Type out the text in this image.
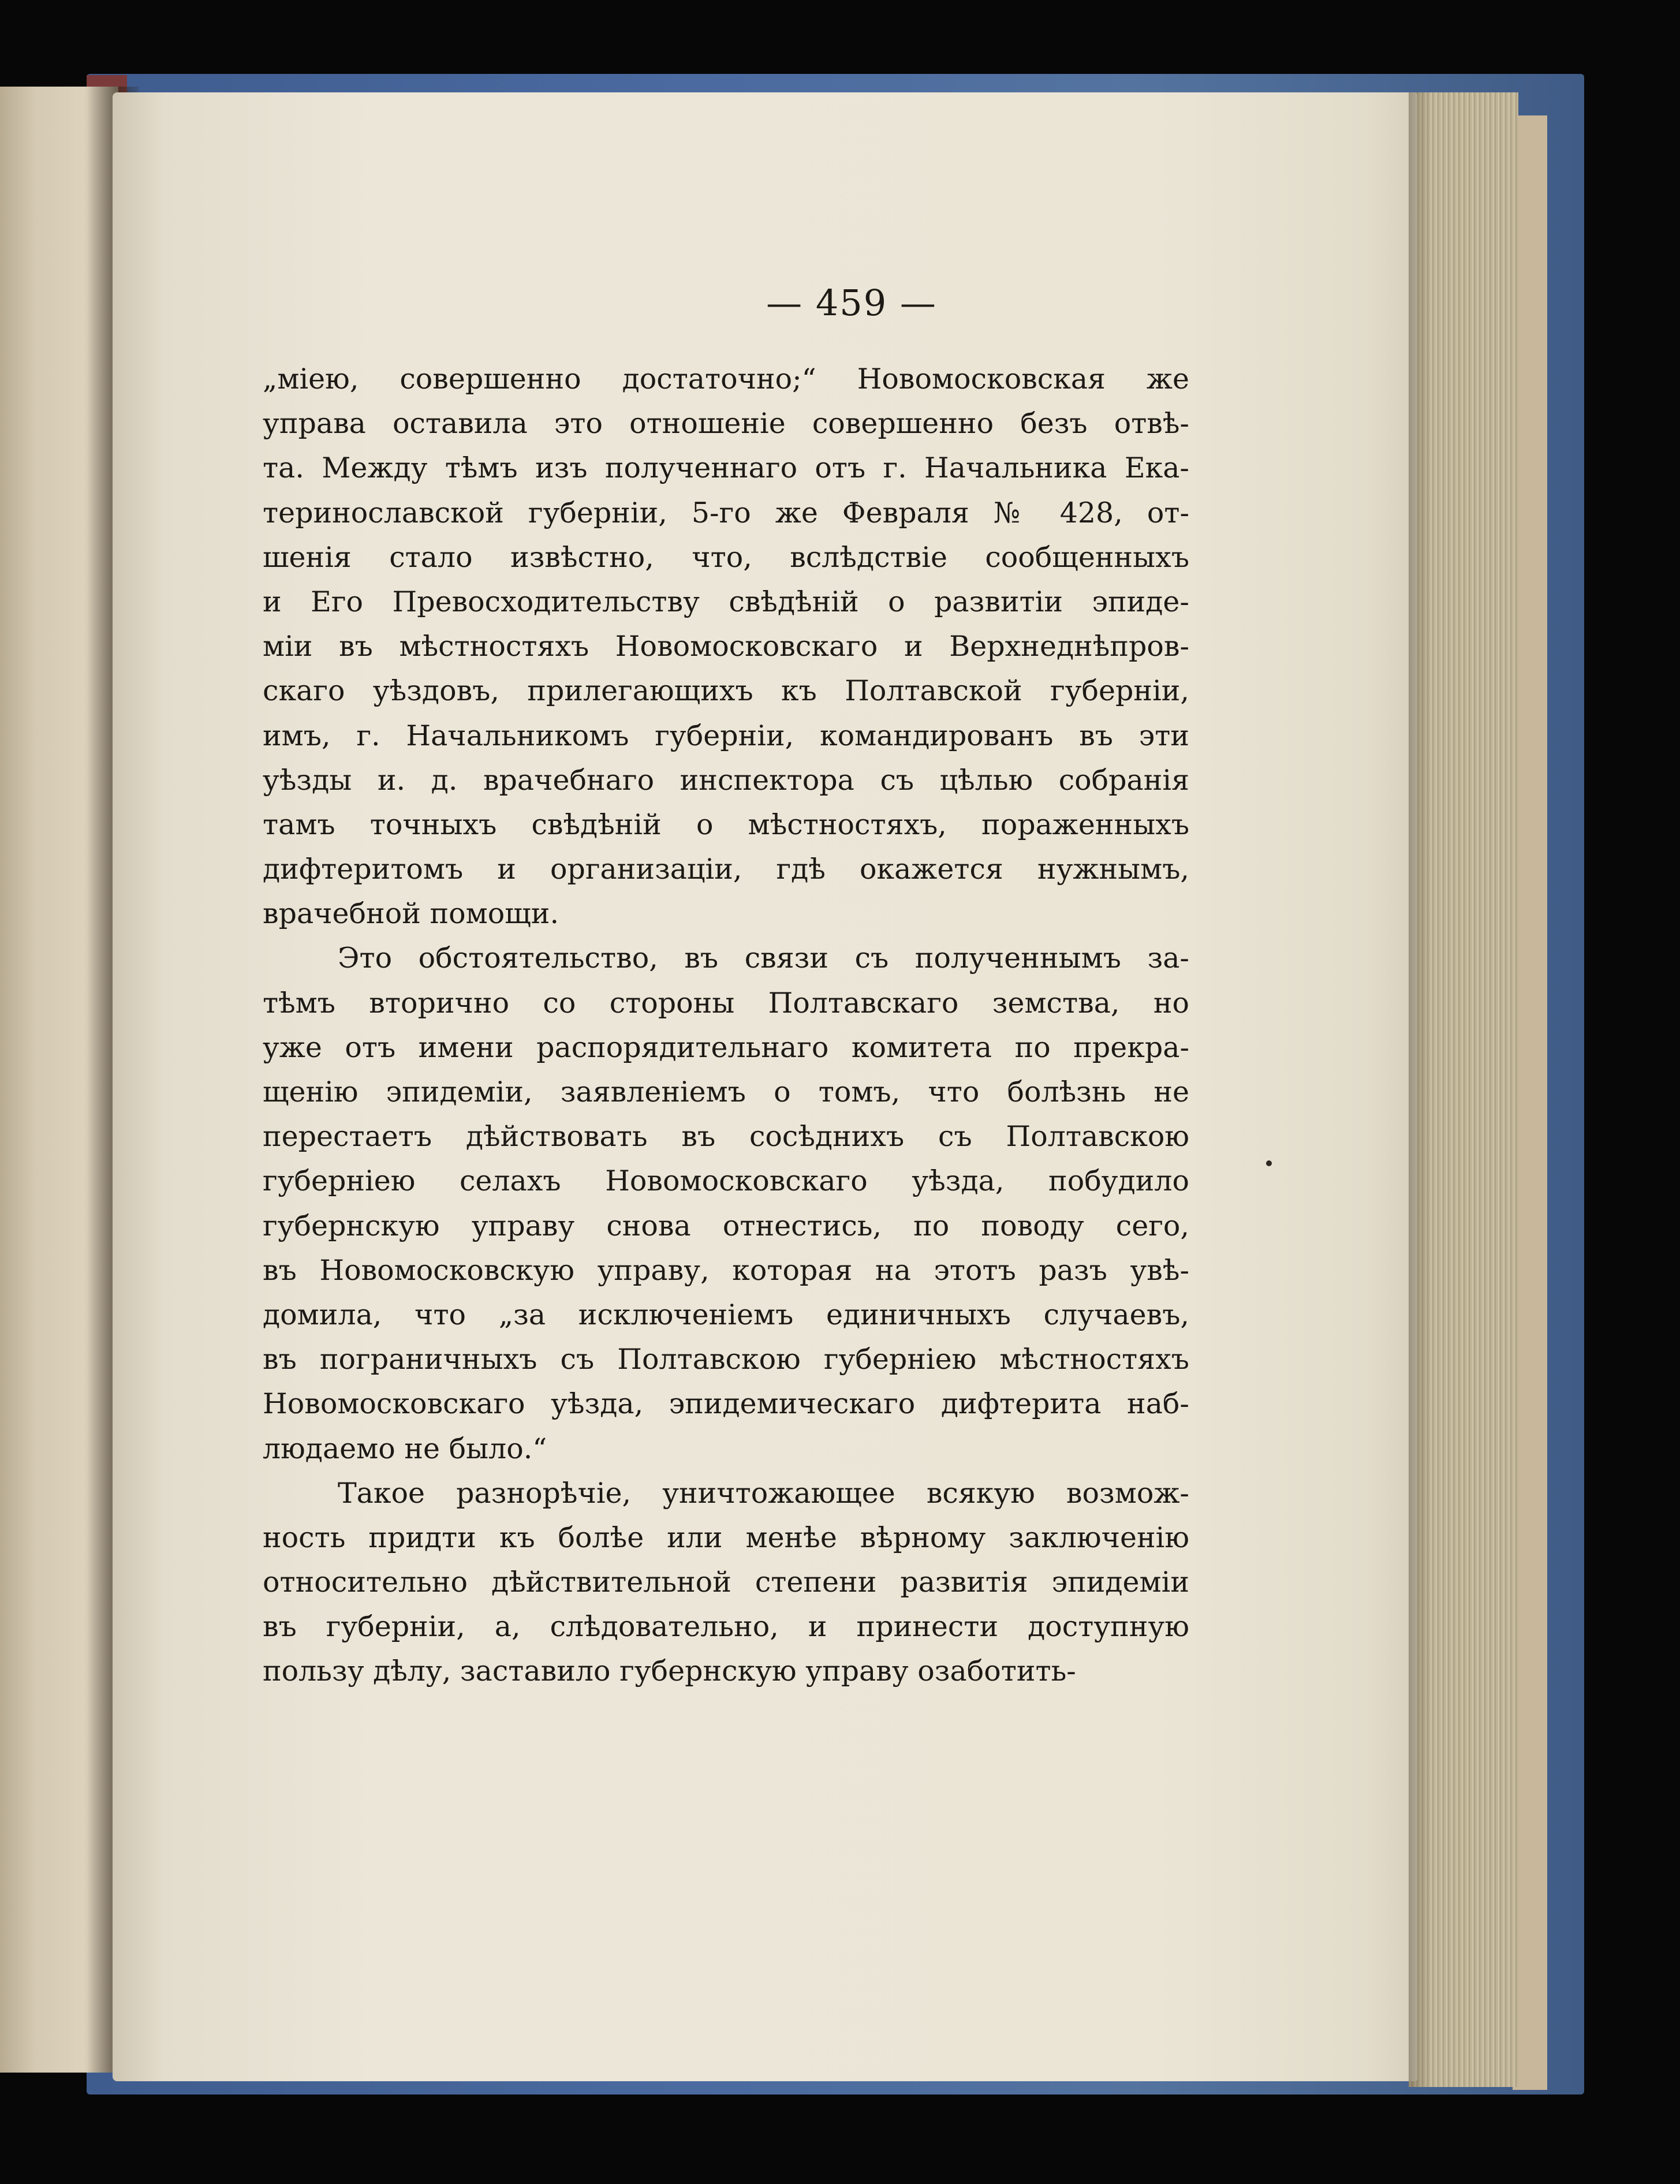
— 459 —
„міею, совершенно достаточно;“ Новомосковская же
управа оставила это отношеніе совершенно безъ отвѣ-
та. Между тѣмъ изъ полученнаго отъ г. Начальника Ека-
теринославской губерніи, 5-го же Февраля № 428, от-
шенія стало извѣстно, что, вслѣдствіе сообщенныхъ
и Его Превосходительству свѣдѣній о развитіи эпиде-
міи въ мѣстностяхъ Новомосковскаго и Верхнеднѣпров-
скаго уѣздовъ, прилегающихъ къ Полтавской губерніи,
имъ, г. Начальникомъ губерніи, командированъ въ эти
уѣзды и. д. врачебнаго инспектора съ цѣлью собранія
тамъ точныхъ свѣдѣній о мѣстностяхъ, пораженныхъ
дифтеритомъ и организаціи, гдѣ окажется нужнымъ,
врачебной помощи.
Это обстоятельство, въ связи съ полученнымъ за-
тѣмъ вторично со стороны Полтавскаго земства, но
уже отъ имени распорядительнаго комитета по прекра-
щенію эпидеміи, заявленіемъ о томъ, что болѣзнь не
перестаетъ дѣйствовать въ сосѣднихъ съ Полтавскою
губерніею селахъ Новомосковскаго уѣзда, побудило
губернскую управу снова отнестись, по поводу сего,
въ Новомосковскую управу, которая на этотъ разъ увѣ-
домила, что „за исключеніемъ единичныхъ случаевъ,
въ пограничныхъ съ Полтавскою губерніею мѣстностяхъ
Новомосковскаго уѣзда, эпидемическаго дифтерита наб-
людаемо не было.“
Такое разнорѣчіе, уничтожающее всякую возмож-
ность придти къ болѣе или менѣе вѣрному заключенію
относительно дѣйствительной степени развитія эпидеміи
въ губерніи, а, слѣдовательно, и принести доступную
пользу дѣлу, заставило губернскую управу озаботить-
